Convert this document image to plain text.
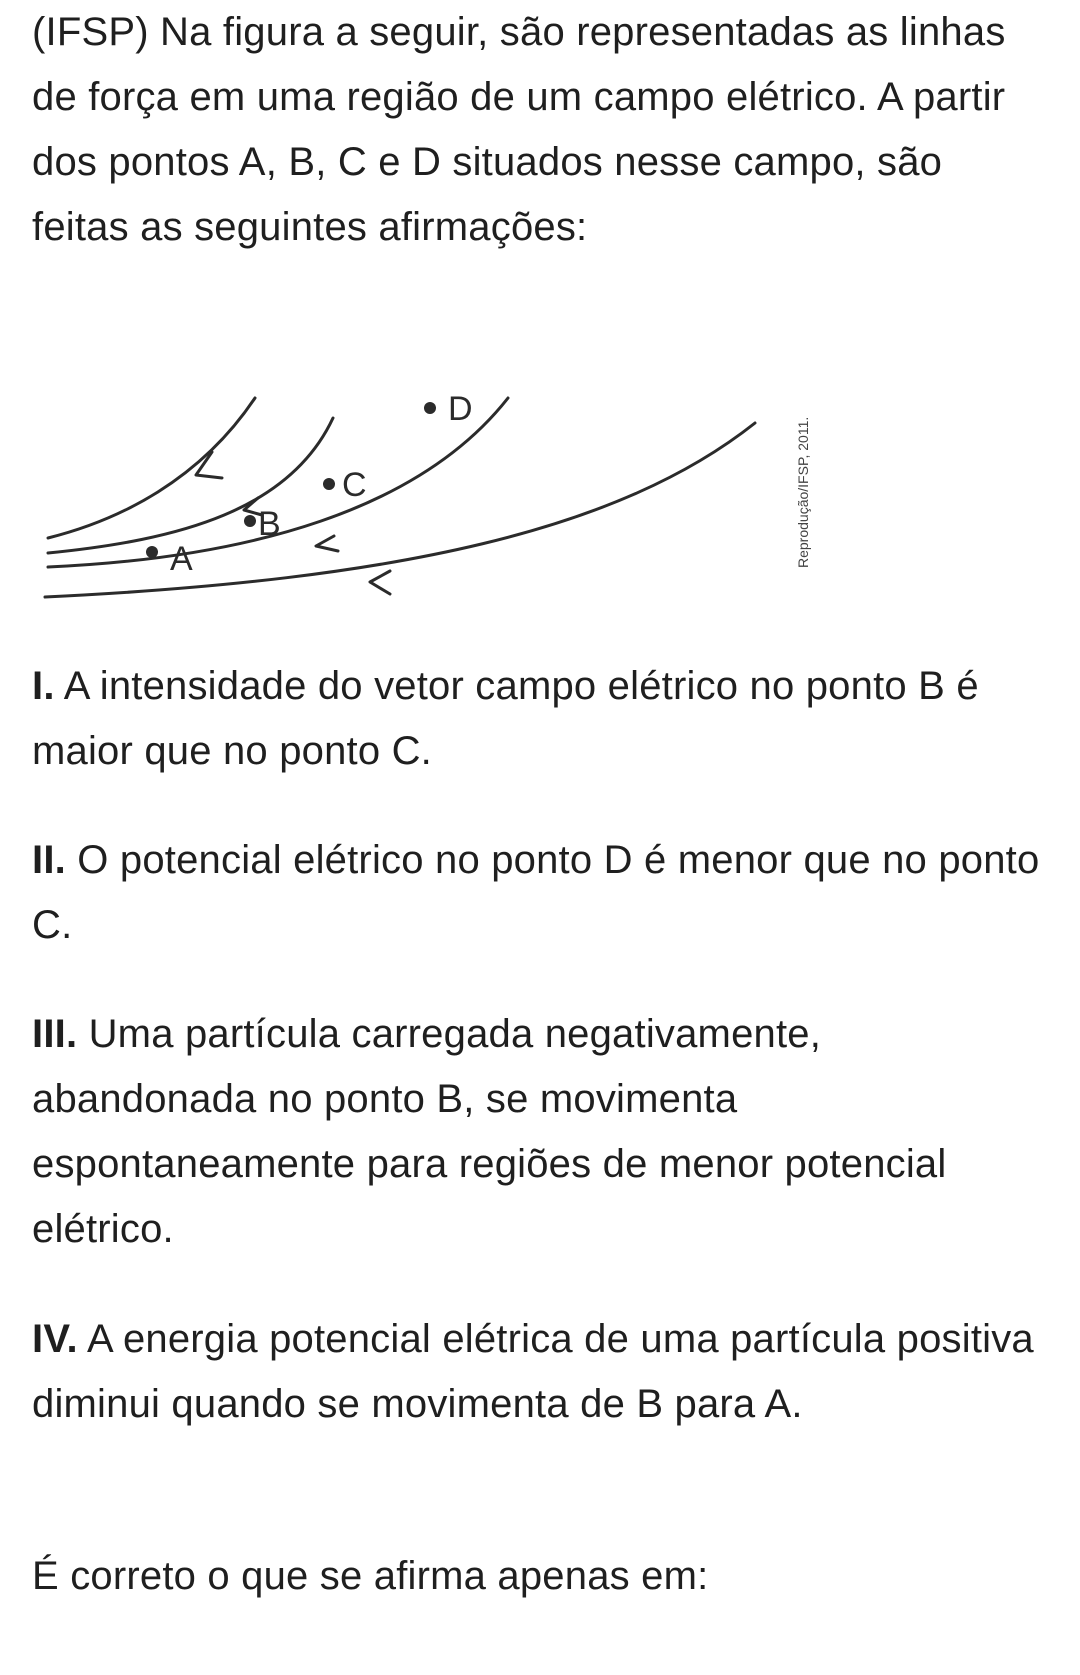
(IFSP) Na figura a seguir, são representadas as linhas de força em uma região de um campo elétrico. A partir dos pontos A, B, C e D situados nesse campo, são feitas as seguintes afirmações:

A
B
C
D
Reprodução/IFSP, 2011.

I. A intensidade do vetor campo elétrico no ponto B é maior que no ponto C.

II. O potencial elétrico no ponto D é menor que no ponto C.

III. Uma partícula carregada negativamente, abandonada no ponto B, se movimenta espontaneamente para regiões de menor potencial elétrico.

IV. A energia potencial elétrica de uma partícula positiva diminui quando se movimenta de B para A.

É correto o que se afirma apenas em:
